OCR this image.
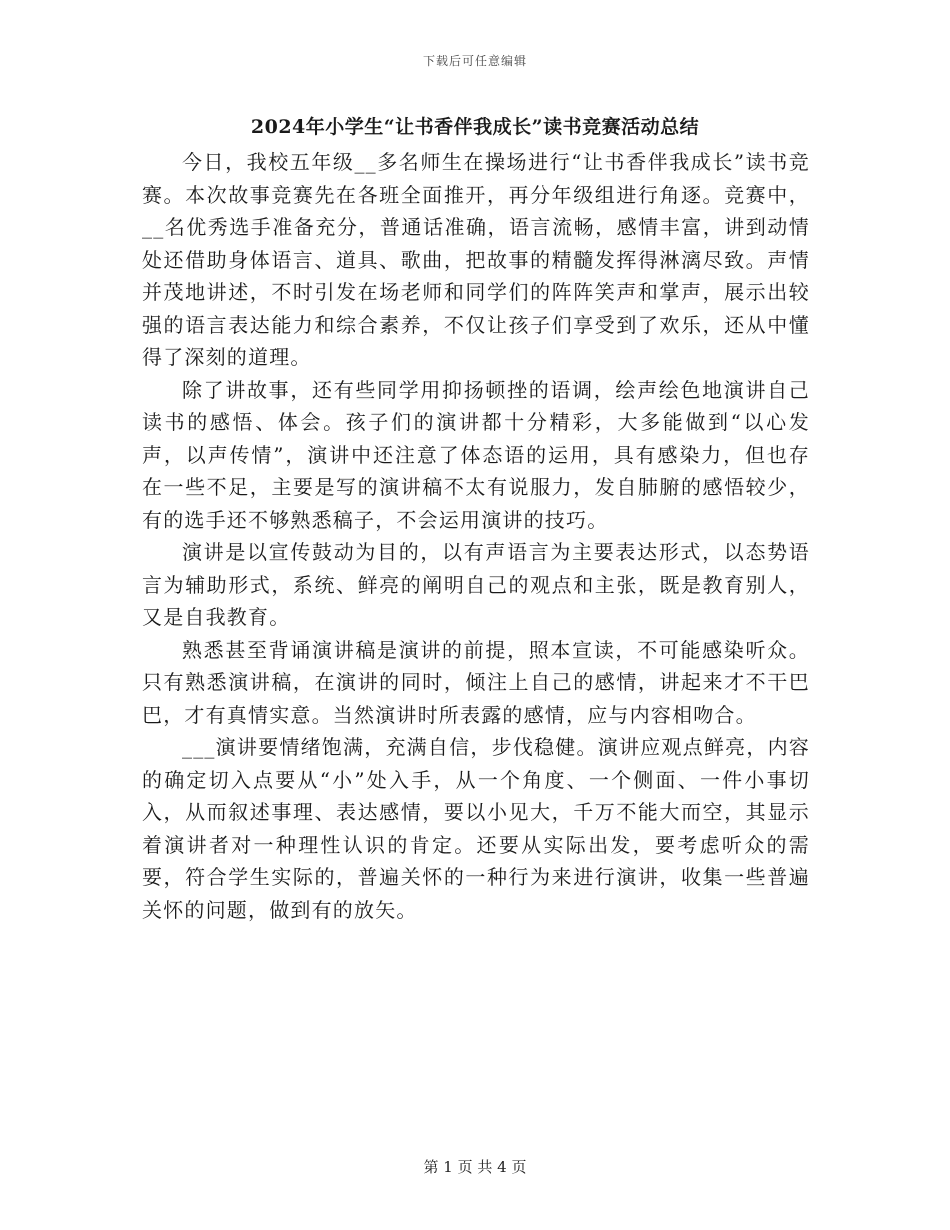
下载后可任意编辑
2024年小学生“让书香伴我成长”读书竞赛活动总结

今日，我校五年级__多名师生在操场进行“让书香伴我成长”读书竞赛。本次故事竞赛先在各班全面推开，再分年级组进行角逐。竞赛中，__名优秀选手准备充分，普通话准确，语言流畅，感情丰富，讲到动情处还借助身体语言、道具、歌曲，把故事的精髓发挥得淋漓尽致。声情并茂地讲述，不时引发在场老师和同学们的阵阵笑声和掌声，展示出较强的语言表达能力和综合素养，不仅让孩子们享受到了欢乐，还从中懂得了深刻的道理。

除了讲故事，还有些同学用抑扬顿挫的语调，绘声绘色地演讲自己读书的感悟、体会。孩子们的演讲都十分精彩，大多能做到“以心发声，以声传情”，演讲中还注意了体态语的运用，具有感染力，但也存在一些不足，主要是写的演讲稿不太有说服力，发自肺腑的感悟较少，有的选手还不够熟悉稿子，不会运用演讲的技巧。

演讲是以宣传鼓动为目的，以有声语言为主要表达形式，以态势语言为辅助形式，系统、鲜亮的阐明自己的观点和主张，既是教育别人，又是自我教育。

熟悉甚至背诵演讲稿是演讲的前提，照本宣读，不可能感染听众。只有熟悉演讲稿，在演讲的同时，倾注上自己的感情，讲起来才不干巴巴，才有真情实意。当然演讲时所表露的感情，应与内容相吻合。

___演讲要情绪饱满，充满自信，步伐稳健。演讲应观点鲜亮，内容的确定切入点要从“小”处入手，从一个角度、一个侧面、一件小事切入，从而叙述事理、表达感情，要以小见大，千万不能大而空，其显示着演讲者对一种理性认识的肯定。还要从实际出发，要考虑听众的需要，符合学生实际的，普遍关怀的一种行为来进行演讲，收集一些普遍关怀的问题，做到有的放矢。

第 1 页 共 4 页
